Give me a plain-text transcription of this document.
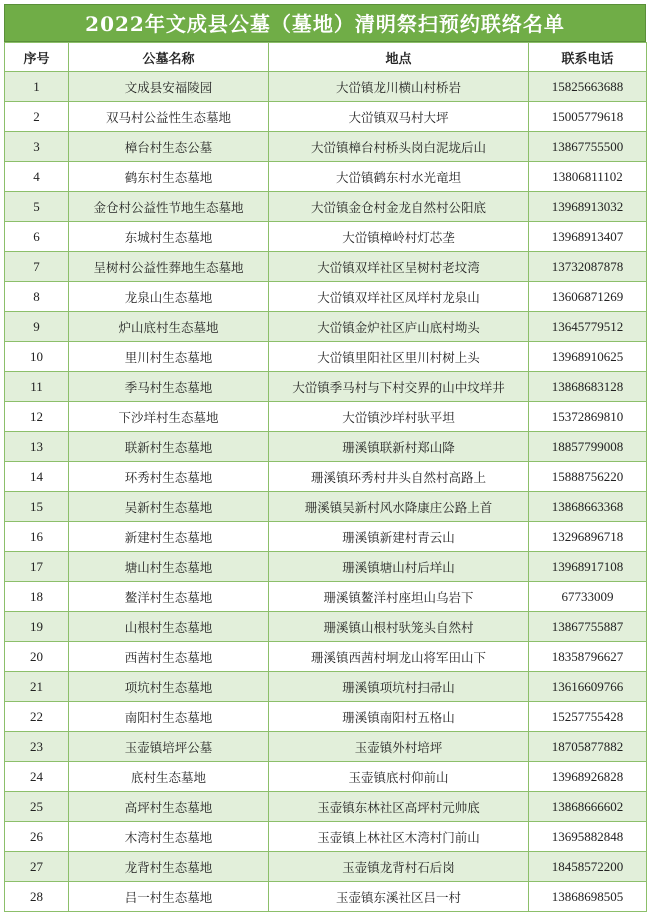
2022年文成县公墓（墓地）清明祭扫预约联络名单
序号	公墓名称	地点	联系电话
1	文成县安福陵园	大峃镇龙川横山村桥岩	15825663688
2	双马村公益性生态墓地	大峃镇双马村大坪	15005779618
3	樟台村生态公墓	大峃镇樟台村桥头岗白泥垅后山	13867755500
4	鹤东村生态墓地	大峃镇鹤东村水光竜坦	13806811102
5	金仓村公益性节地生态墓地	大峃镇金仓村金龙自然村公阳底	13968913032
6	东城村生态墓地	大峃镇樟岭村灯芯垄	13968913407
7	呈树村公益性葬地生态墓地	大峃镇双垟社区呈树村老坟湾	13732087878
8	龙泉山生态墓地	大峃镇双垟社区凤垟村龙泉山	13606871269
9	炉山底村生态墓地	大峃镇金炉社区庐山底村坳头	13645779512
10	里川村生态墓地	大峃镇里阳社区里川村树上头	13968910625
11	季马村生态墓地	大峃镇季马村与下村交界的山中坟垟井	13868683128
12	下沙垟村生态墓地	大峃镇沙垟村驮平坦	15372869810
13	联新村生态墓地	珊溪镇联新村郑山降	18857799008
14	环秀村生态墓地	珊溪镇环秀村井头自然村高路上	15888756220
15	吴新村生态墓地	珊溪镇吴新村风水降康庄公路上首	13868663368
16	新建村生态墓地	珊溪镇新建村青云山	13296896718
17	塘山村生态墓地	珊溪镇塘山村后垟山	13968917108
18	鳌洋村生态墓地	珊溪镇鳌洋村座坦山乌岩下	67733009
19	山根村生态墓地	珊溪镇山根村驮笼头自然村	13867755887
20	西茜村生态墓地	珊溪镇西茜村坰龙山将军田山下	18358796627
21	项坑村生态墓地	珊溪镇项坑村扫帚山	13616609766
22	南阳村生态墓地	珊溪镇南阳村五格山	15257755428
23	玉壶镇培坪公墓	玉壶镇外村培坪	18705877882
24	底村生态墓地	玉壶镇底村仰前山	13968926828
25	高坪村生态墓地	玉壶镇东林社区高坪村元帅底	13868666602
26	木湾村生态墓地	玉壶镇上林社区木湾村门前山	13695882848
27	龙背村生态墓地	玉壶镇龙背村石后岗	18458572200
28	吕一村生态墓地	玉壶镇东溪社区吕一村	13868698505
